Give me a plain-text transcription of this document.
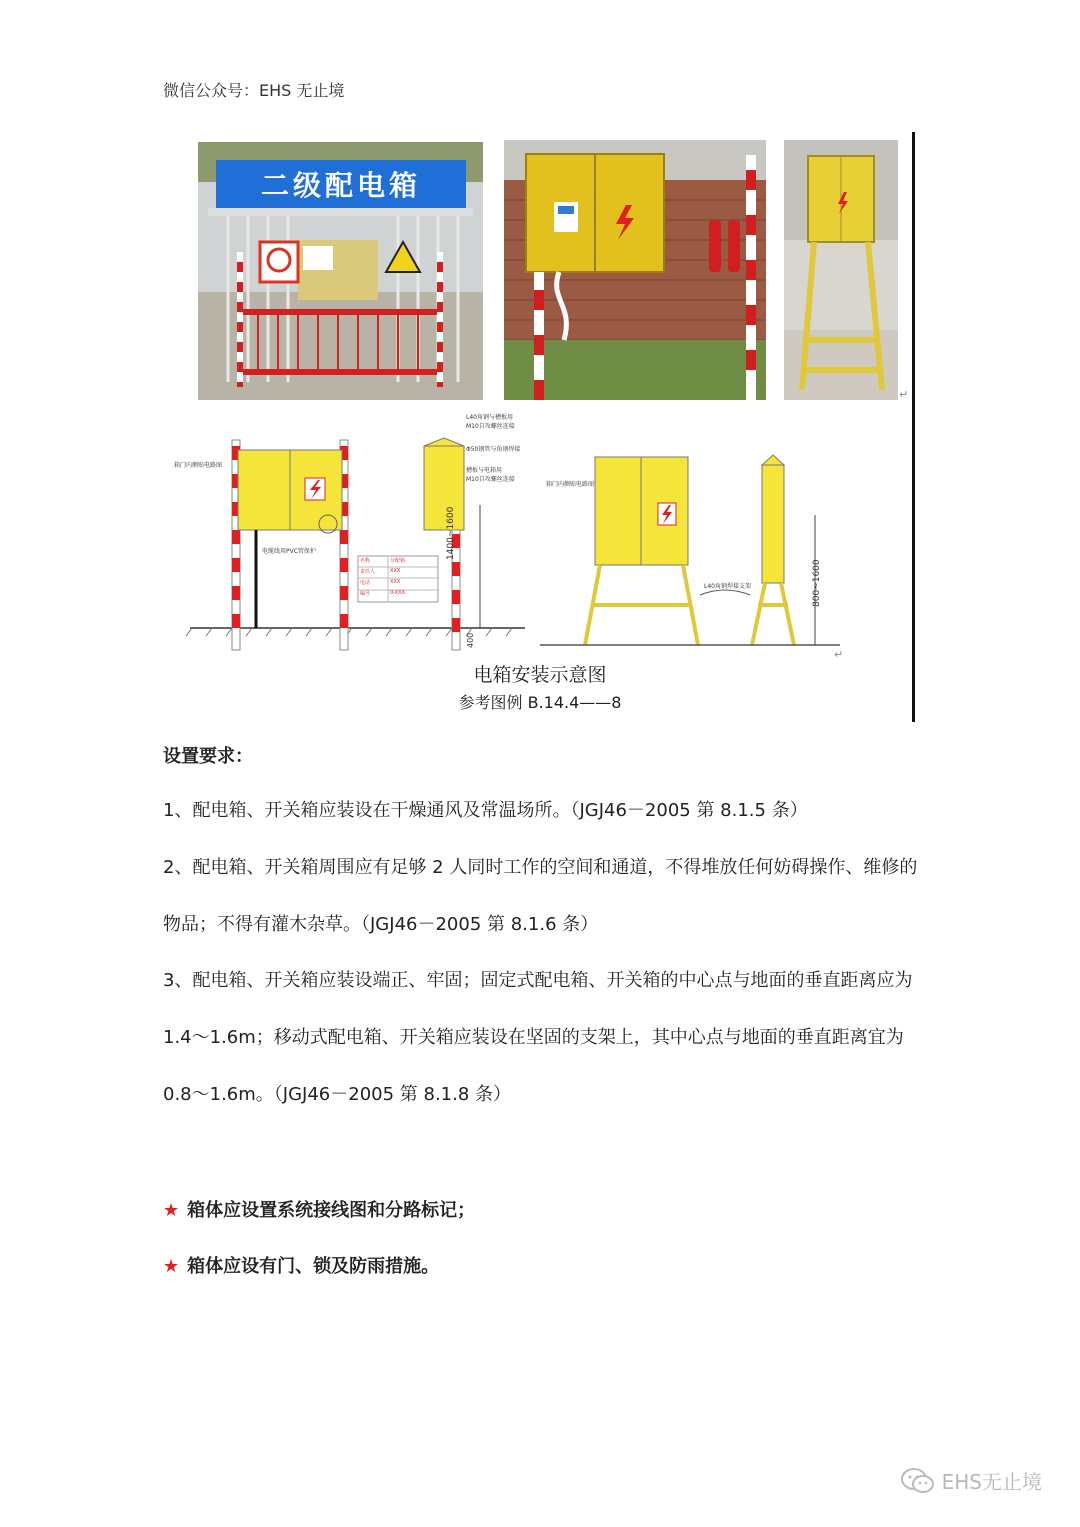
微信公众号：EHS 无止境
二级配电箱
↵
箱门内侧贴电路图
电缆线用PVC管保护
L40角钢与槽板用
M10自攻螺丝连接
Φ50钢管与角钢焊接
槽板与电箱用
M10自攻螺丝连接
1400~1600
400
名称	分配箱
责任人	XXX
电话	XXX
编号	0-XXX
箱门内侧贴电路图
L40角钢焊接支架	800~1600
↵
电箱安装示意图
参考图例 B.14.4——8
设置要求：
1、配电箱、开关箱应装设在干燥通风及常温场所。（JGJ46－2005 第 8.1.5 条）
2、配电箱、开关箱周围应有足够 2 人同时工作的空间和通道，不得堆放任何妨碍操作、维修的物品；不得有灌木杂草。（JGJ46－2005 第 8.1.6 条）
3、配电箱、开关箱应装设端正、牢固；固定式配电箱、开关箱的中心点与地面的垂直距离应为 1.4～1.6m；移动式配电箱、开关箱应装设在坚固的支架上，其中心点与地面的垂直距离宜为 0.8～1.6m。（JGJ46－2005 第 8.1.8 条）
★ 箱体应设置系统接线图和分路标记；
★ 箱体应设有门、锁及防雨措施。
EHS无止境
